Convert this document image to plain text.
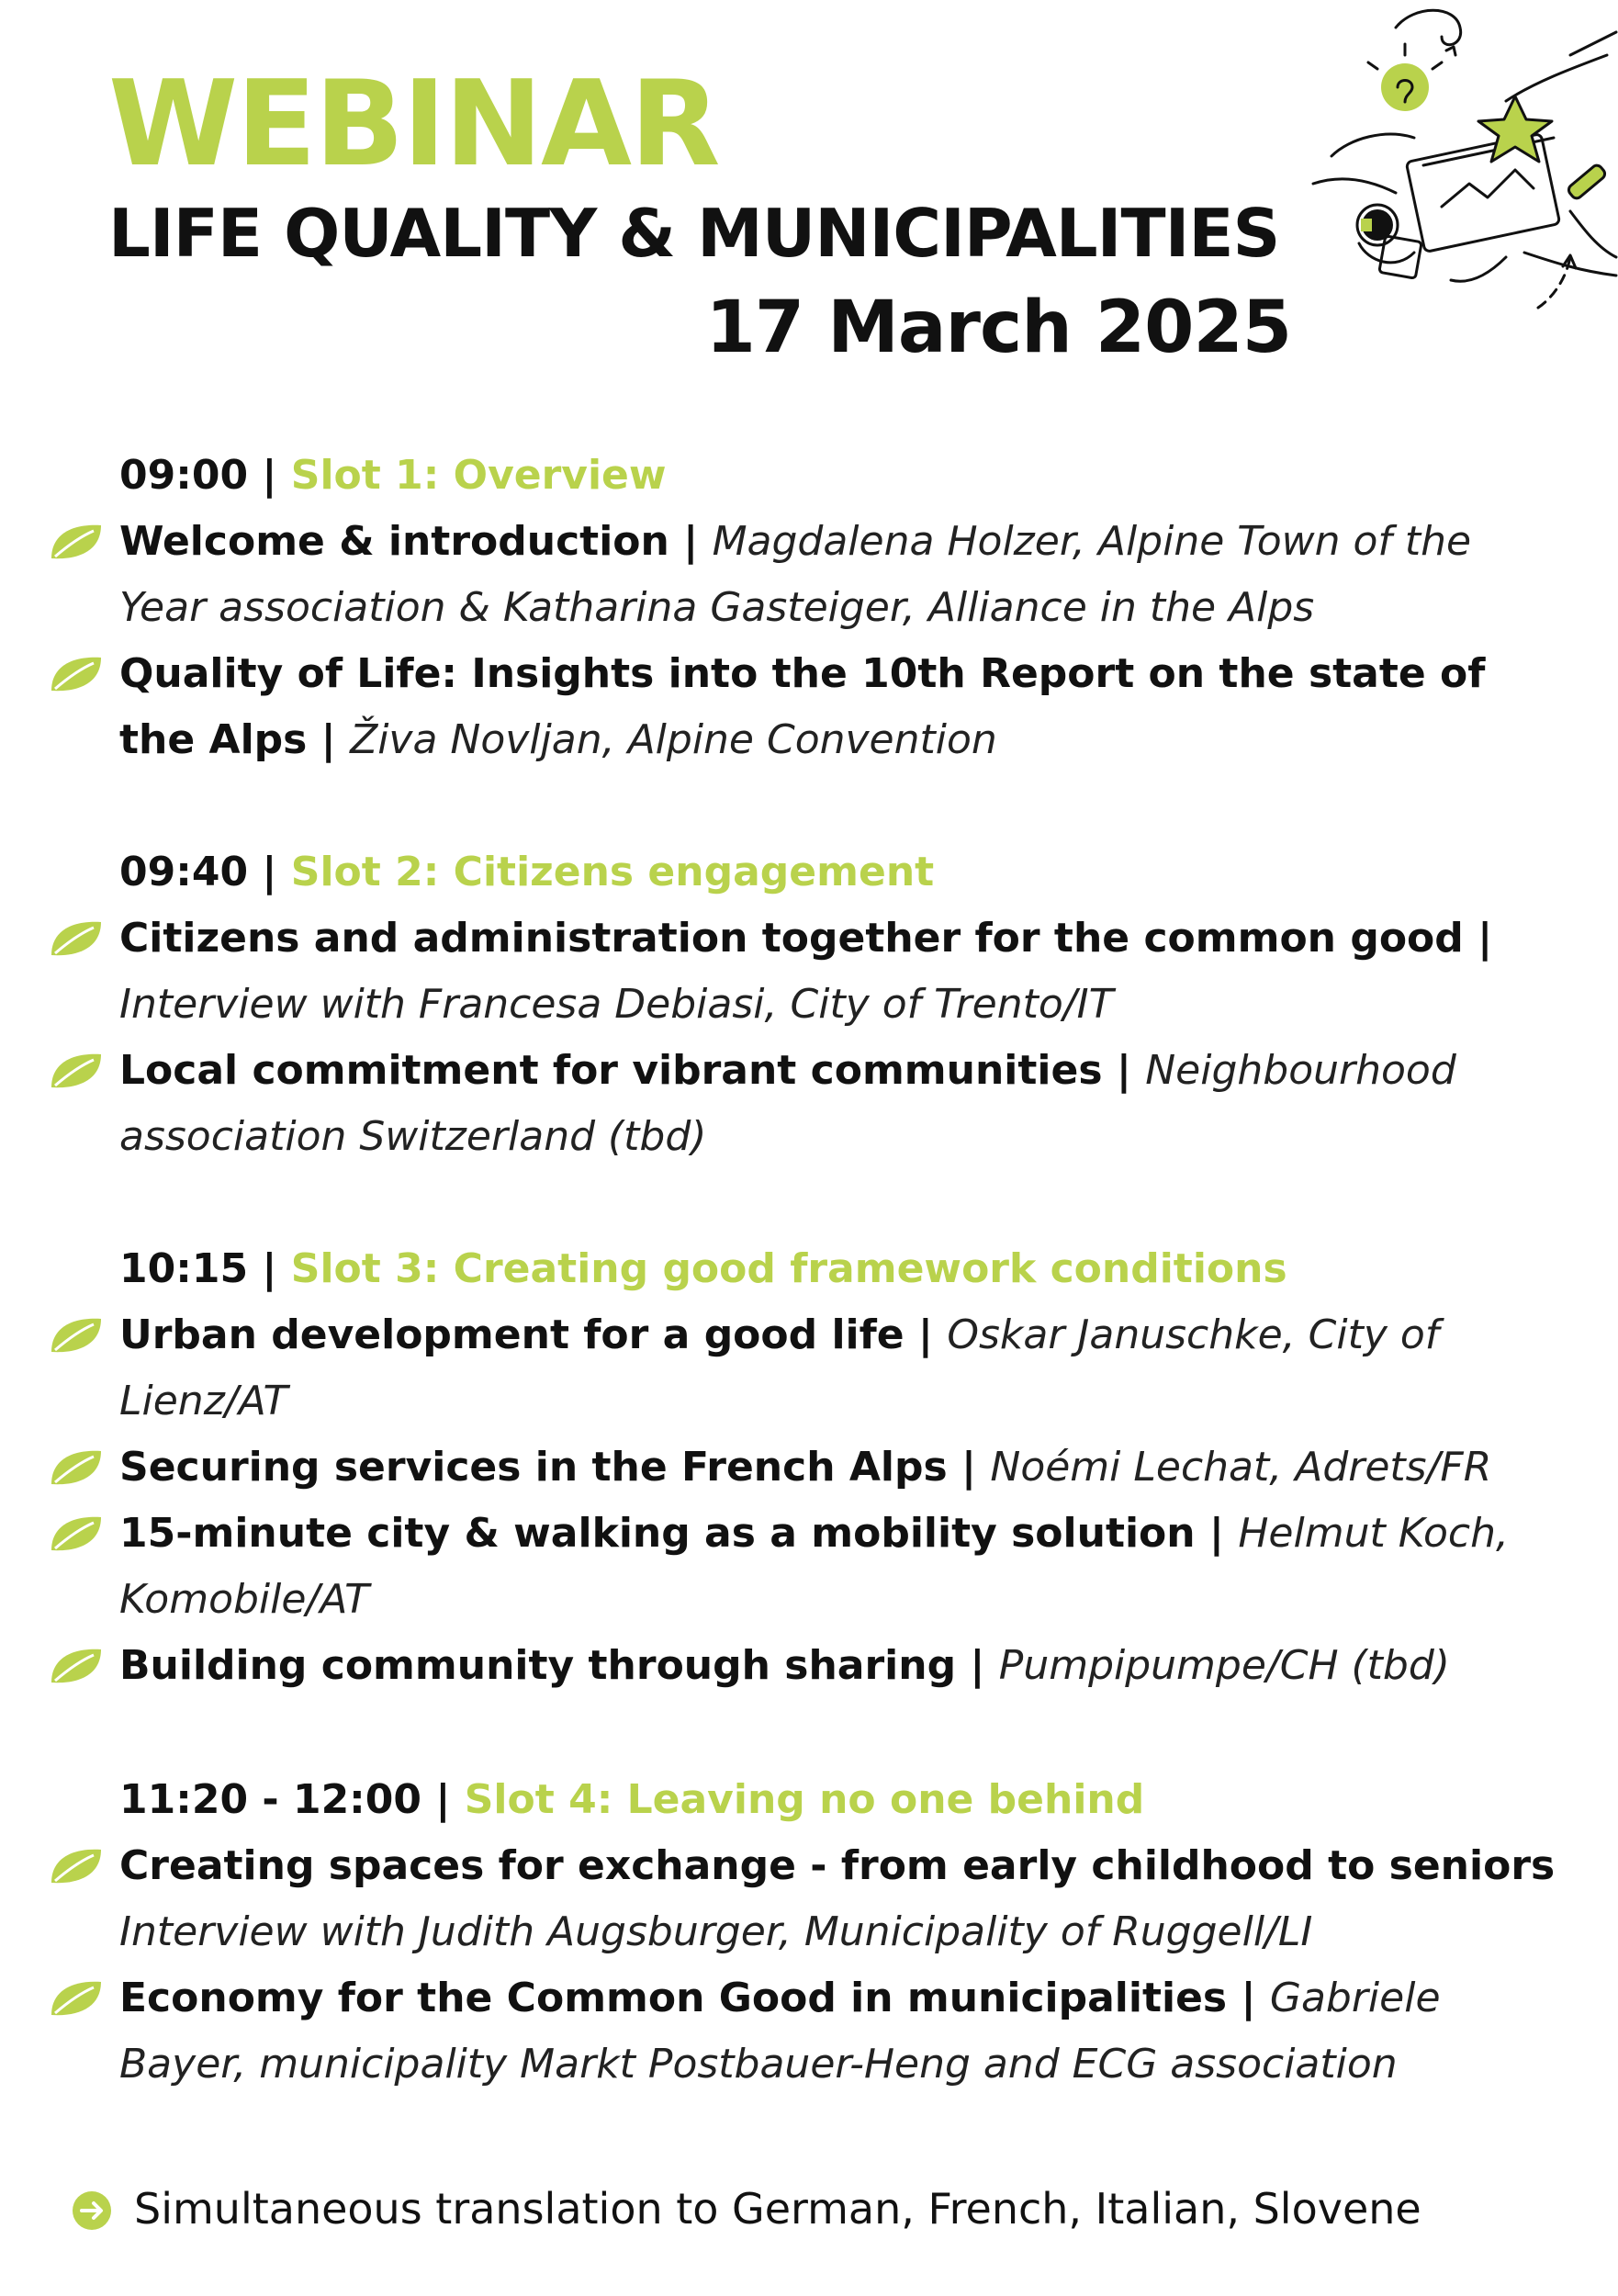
WEBINAR
LIFE QUALITY & MUNICIPALITIES
17 March 2025
09:00 | Slot 1: Overview
Welcome & introduction | Magdalena Holzer, Alpine Town of the Year association & Katharina Gasteiger, Alliance in the Alps
Quality of Life: Insights into the 10th Report on the state of the Alps | Živa Novljan, Alpine Convention
09:40 | Slot 2: Citizens engagement
Citizens and administration together for the common good | Interview with Francesa Debiasi, City of Trento/IT
Local commitment for vibrant communities | Neighbourhood association Switzerland (tbd)
10:15 | Slot 3: Creating good framework conditions
Urban development for a good life | Oskar Januschke, City of Lienz/AT
Securing services in the French Alps | Noémi Lechat, Adrets/FR
15-minute city & walking as a mobility solution | Helmut Koch, Komobile/AT
Building community through sharing | Pumpipumpe/CH (tbd)
11:20 - 12:00 | Slot 4: Leaving no one behind
Creating spaces for exchange - from early childhood to seniors
Interview with Judith Augsburger, Municipality of Ruggell/LI
Economy for the Common Good in municipalities | Gabriele Bayer, municipality Markt Postbauer-Heng and ECG association
Simultaneous translation to German, French, Italian, Slovene
